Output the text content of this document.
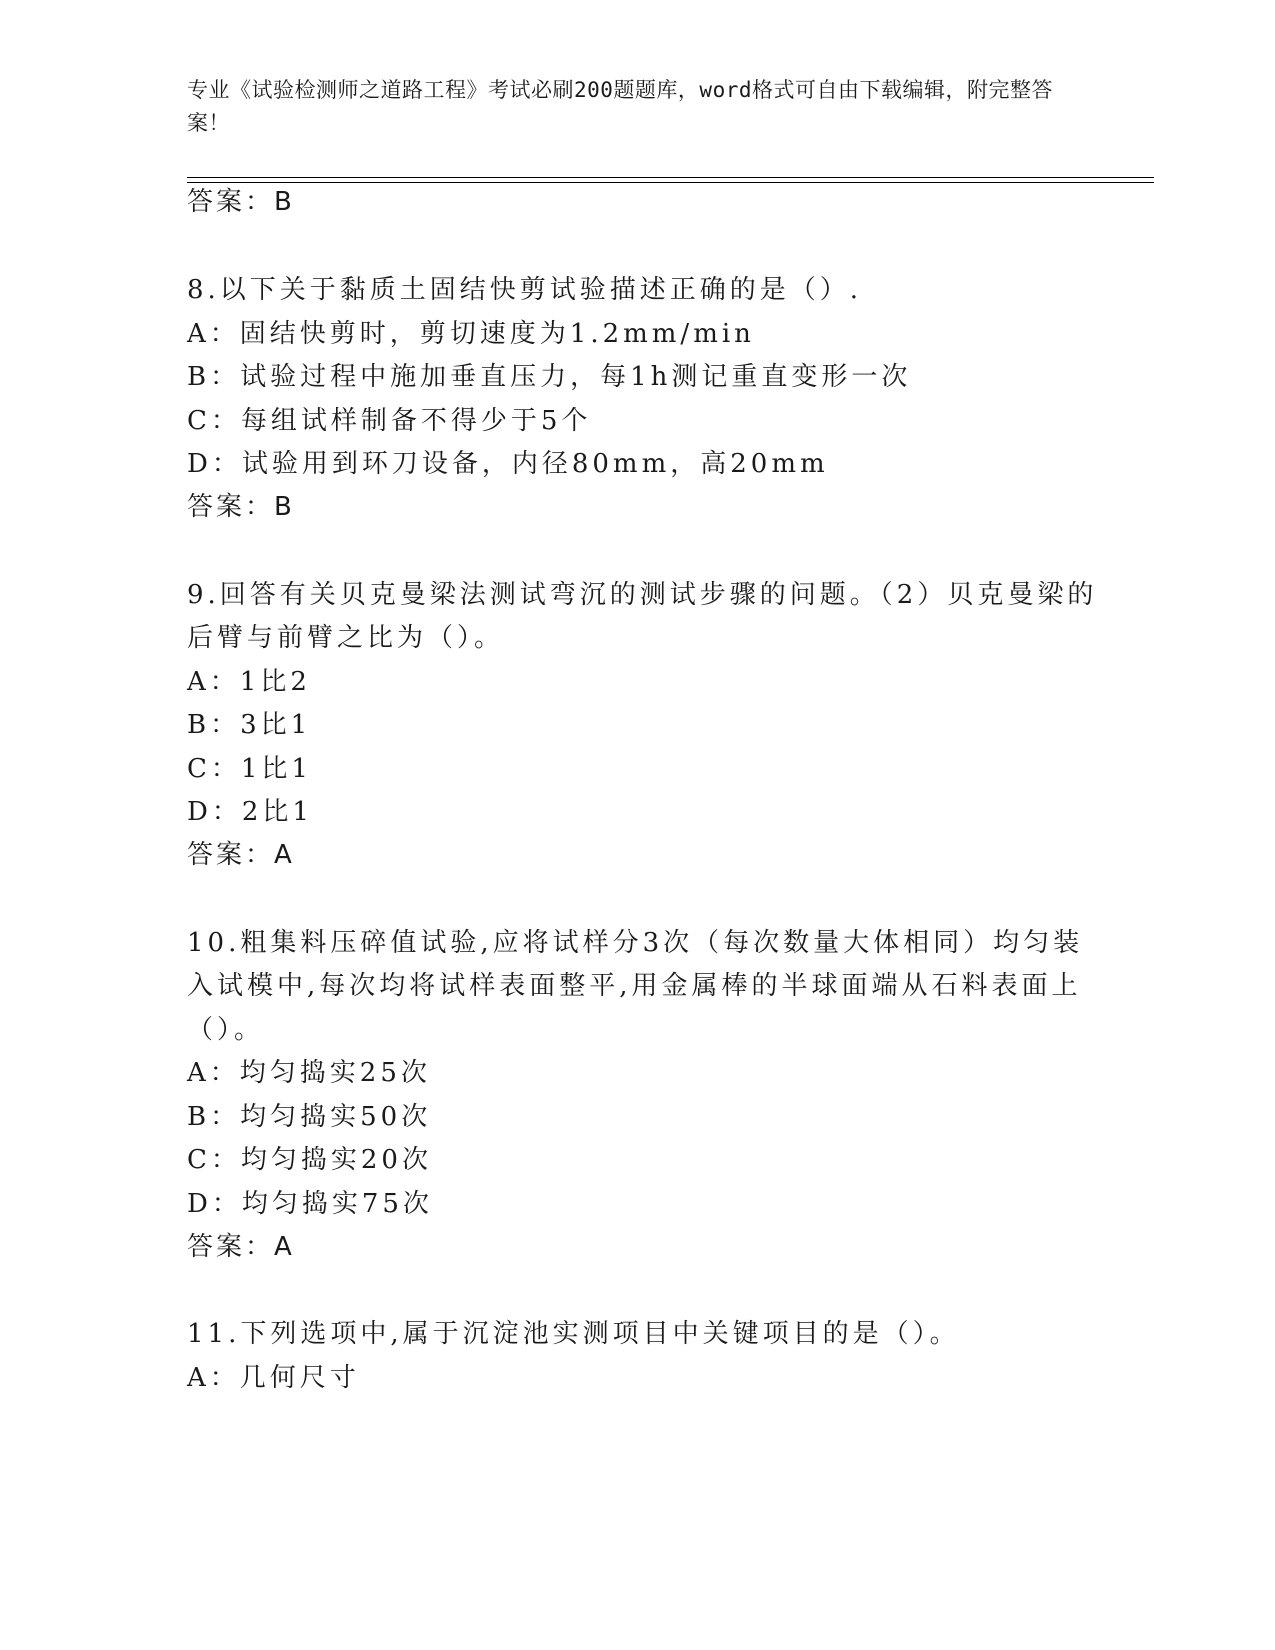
专业《试验检测师之道路工程》考试必刷200题题库，word格式可自由下载编辑，附完整答案！
答案：B
8.以下关于黏质土固结快剪试验描述正确的是（）.
A：固结快剪时，剪切速度为1.2mm/min
B：试验过程中施加垂直压力，每1h测记重直变形一次
C：每组试样制备不得少于5个
D：试验用到环刀设备，内径80mm，高20mm
答案：B
9.回答有关贝克曼梁法测试弯沉的测试步骤的问题。（2）贝克曼梁的
后臂与前臂之比为（）。
A：1比2
B：3比1
C：1比1
D：2比1
答案：A
10.粗集料压碎值试验,应将试样分3次（每次数量大体相同）均匀装
入试模中,每次均将试样表面整平,用金属棒的半球面端从石料表面上
（）。
A：均匀捣实25次
B：均匀捣实50次
C：均匀捣实20次
D：均匀捣实75次
答案：A
11.下列选项中,属于沉淀池实测项目中关键项目的是（）。
A：几何尺寸
